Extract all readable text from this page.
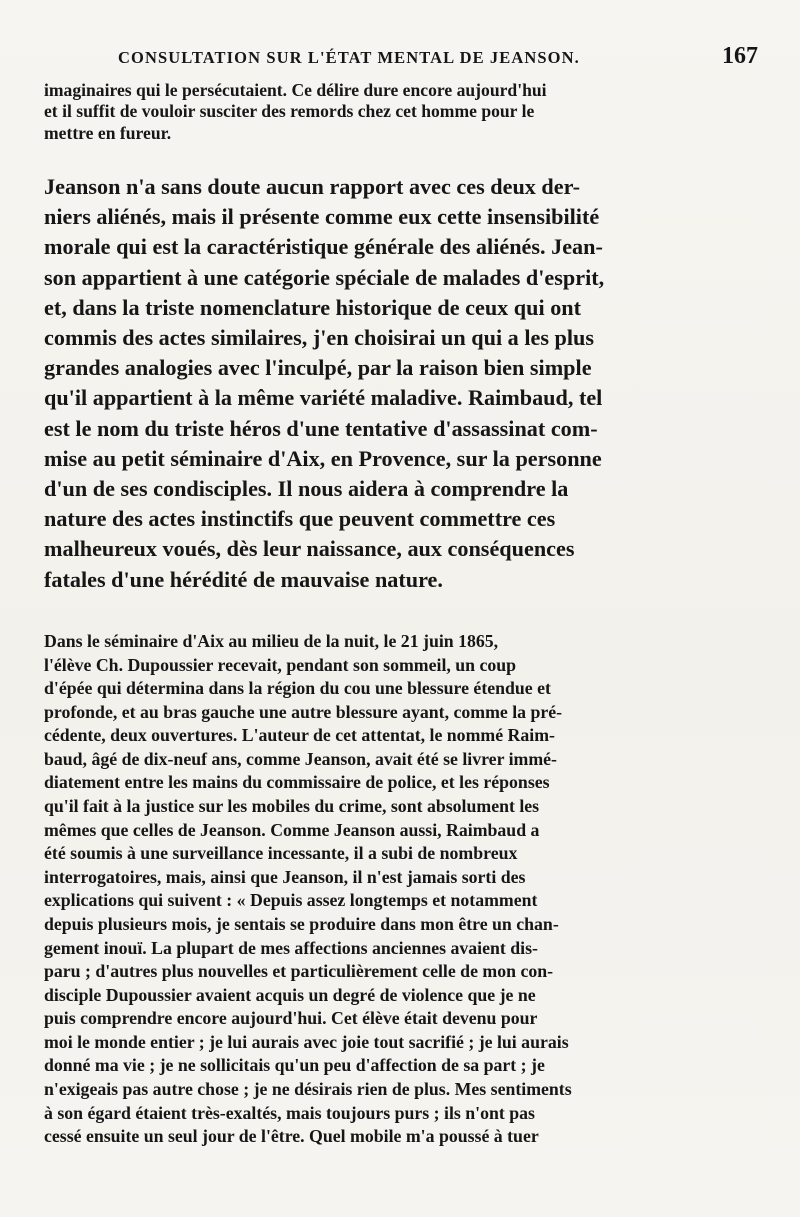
CONSULTATION SUR L'ÉTAT MENTAL DE JEANSON.	167
imaginaires qui le persécutaient. Ce délire dure encore aujourd'hui
et il suffit de vouloir susciter des remords chez cet homme pour le
mettre en fureur.
Jeanson n'a sans doute aucun rapport avec ces deux der-
niers aliénés, mais il présente comme eux cette insensibilité
morale qui est la caractéristique générale des aliénés. Jean-
son appartient à une catégorie spéciale de malades d'esprit,
et, dans la triste nomenclature historique de ceux qui ont
commis des actes similaires, j'en choisirai un qui a les plus
grandes analogies avec l'inculpé, par la raison bien simple
qu'il appartient à la même variété maladive. Raimbaud, tel
est le nom du triste héros d'une tentative d'assassinat com-
mise au petit séminaire d'Aix, en Provence, sur la personne
d'un de ses condisciples. Il nous aidera à comprendre la
nature des actes instinctifs que peuvent commettre ces
malheureux voués, dès leur naissance, aux conséquences
fatales d'une hérédité de mauvaise nature.
Dans le séminaire d'Aix au milieu de la nuit, le 21 juin 1865,
l'élève Ch. Dupoussier recevait, pendant son sommeil, un coup
d'épée qui détermina dans la région du cou une blessure étendue et
profonde, et au bras gauche une autre blessure ayant, comme la pré-
cédente, deux ouvertures. L'auteur de cet attentat, le nommé Raim-
baud, âgé de dix-neuf ans, comme Jeanson, avait été se livrer immé-
diatement entre les mains du commissaire de police, et les réponses
qu'il fait à la justice sur les mobiles du crime, sont absolument les
mêmes que celles de Jeanson. Comme Jeanson aussi, Raimbaud a
été soumis à une surveillance incessante, il a subi de nombreux
interrogatoires, mais, ainsi que Jeanson, il n'est jamais sorti des
explications qui suivent : « Depuis assez longtemps et notamment
depuis plusieurs mois, je sentais se produire dans mon être un chan-
gement inouï. La plupart de mes affections anciennes avaient dis-
paru ; d'autres plus nouvelles et particulièrement celle de mon con-
disciple Dupoussier avaient acquis un degré de violence que je ne
puis comprendre encore aujourd'hui. Cet élève était devenu pour
moi le monde entier ; je lui aurais avec joie tout sacrifié ; je lui aurais
donné ma vie ; je ne sollicitais qu'un peu d'affection de sa part ; je
n'exigeais pas autre chose ; je ne désirais rien de plus. Mes sentiments
à son égard étaient très-exaltés, mais toujours purs ; ils n'ont pas
cessé ensuite un seul jour de l'être. Quel mobile m'a poussé à tuer
